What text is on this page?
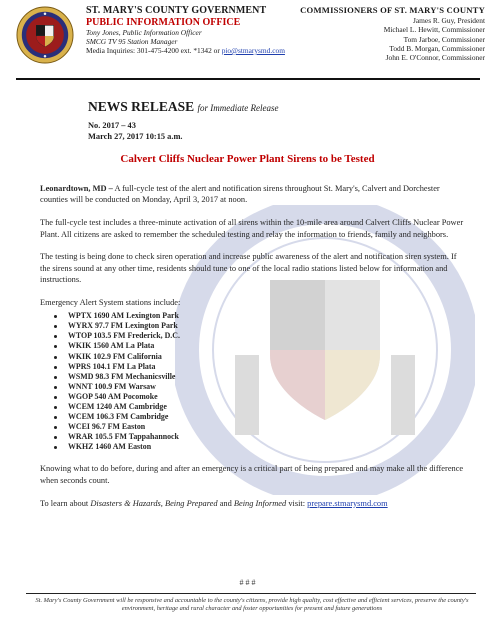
ST. MARY'S COUNTY GOVERNMENT
PUBLIC INFORMATION OFFICE
Tony Jones, Public Information Officer
SMCG TV 95 Station Manager
Media Inquiries: 301-475-4200 ext. *1342 or pio@stmarysmd.com
COMMISSIONERS OF ST. MARY'S COUNTY
James R. Guy, President
Michael L. Hewitt, Commissioner
Tom Jarboe, Commissioner
Todd B. Morgan, Commissioner
John E. O'Connor, Commissioner
NEWS RELEASE for Immediate Release
No. 2017 – 43
March 27, 2017 10:15 a.m.
Calvert Cliffs Nuclear Power Plant Sirens to be Tested

Leonardtown, MD – A full-cycle test of the alert and notification sirens throughout St. Mary's, Calvert and Dorchester counties will be conducted on Monday, April 3, 2017 at noon.

The full-cycle test includes a three-minute activation of all sirens within the 10-mile area around Calvert Cliffs Nuclear Power Plant. All citizens are asked to remember the scheduled testing and relay the information to friends, family and neighbors.

The testing is being done to check siren operation and increase public awareness of the alert and notification siren system. If the sirens sound at any other time, residents should tune to one of the local radio stations listed below for information and instructions.

Emergency Alert System stations include:

WPTX 1690 AM Lexington Park
WYRX 97.7 FM Lexington Park
WTOP 103.5 FM Frederick, D.C.
WKIK 1560 AM La Plata
WKIK 102.9 FM California
WPRS 104.1 FM La Plata
WSMD 98.3 FM Mechanicsville
WNNT 100.9 FM Warsaw
WGOP 540 AM Pocomoke
WCEM 1240 AM Cambridge
WCEM 106.3 FM Cambridge
WCEI 96.7 FM Easton
WRAR 105.5 FM Tappahannock
WKHZ 1460 AM Easton

Knowing what to do before, during and after an emergency is a critical part of being prepared and may make all the difference when seconds count.

To learn about Disasters & Hazards, Being Prepared and Being Informed visit: prepare.stmarysmd.com

# # #
St. Mary's County Government will be responsive and accountable to the county's citizens, provide high quality, cost effective and efficient services, preserve the county's environment, heritage and rural character and foster opportunities for present and future generations
